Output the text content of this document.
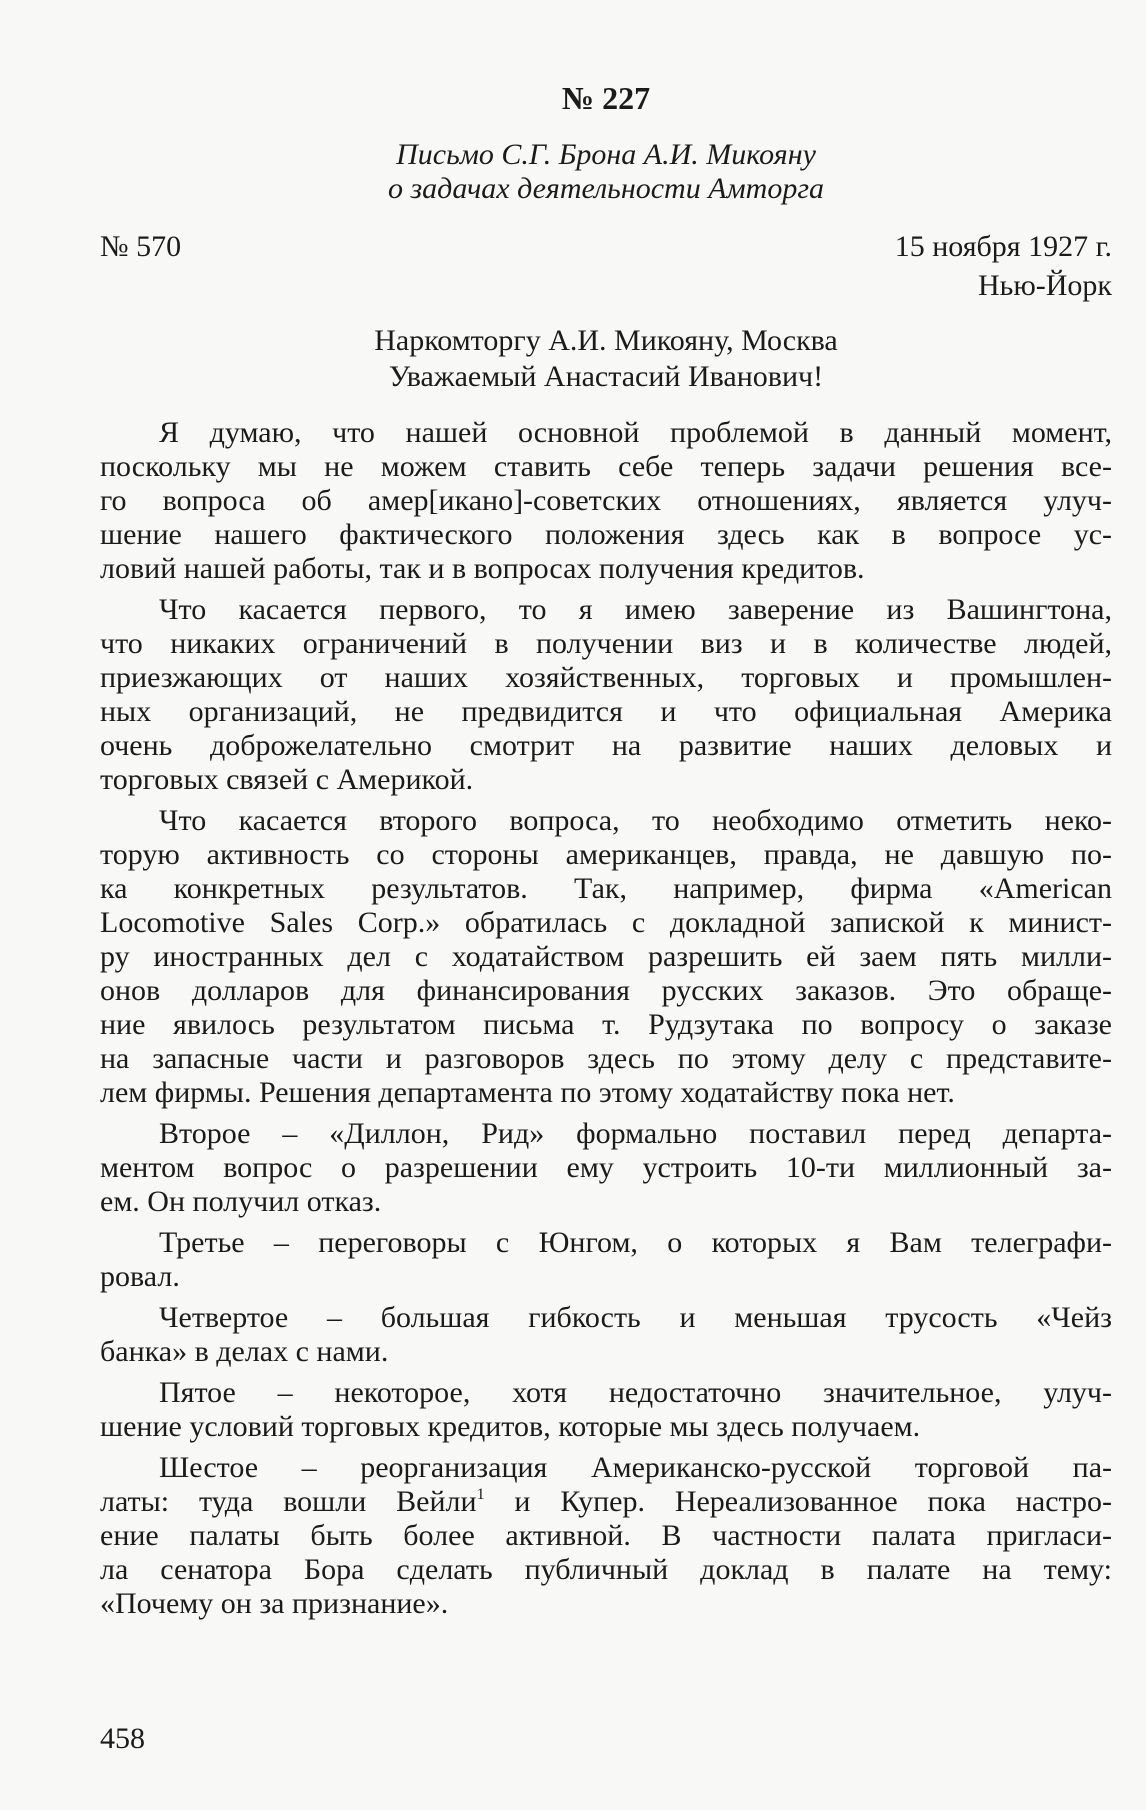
№ 227
Письмо С.Г. Брона А.И. Микояну
о задачах деятельности Амторга
№ 570	15 ноября 1927 г.
Нью-Йорк
Наркомторгу А.И. Микояну, Москва
Уважаемый Анастасий Иванович!
Я думаю, что нашей основной проблемой в данный момент,
поскольку мы не можем ставить себе теперь задачи решения все-
го вопроса об амер[икано]-советских отношениях, является улуч-
шение нашего фактического положения здесь как в вопросе ус-
ловий нашей работы, так и в вопросах получения кредитов.
Что касается первого, то я имею заверение из Вашингтона,
что никаких ограничений в получении виз и в количестве людей,
приезжающих от наших хозяйственных, торговых и промышлен-
ных организаций, не предвидится и что официальная Америка
очень доброжелательно смотрит на развитие наших деловых и
торговых связей с Америкой.
Что касается второго вопроса, то необходимо отметить неко-
торую активность со стороны американцев, правда, не давшую по-
ка конкретных результатов. Так, например, фирма «American
Locomotive Sales Corp.» обратилась с докладной запиской к минист-
ру иностранных дел с ходатайством разрешить ей заем пять милли-
онов долларов для финансирования русских заказов. Это обраще-
ние явилось результатом письма т. Рудзутака по вопросу о заказе
на запасные части и разговоров здесь по этому делу с представите-
лем фирмы. Решения департамента по этому ходатайству пока нет.
Второе – «Диллон, Рид» формально поставил перед департа-
ментом вопрос о разрешении ему устроить 10-ти миллионный за-
ем. Он получил отказ.
Третье – переговоры с Юнгом, о которых я Вам телеграфи-
ровал.
Четвертое – большая гибкость и меньшая трусость «Чейз
банка» в делах с нами.
Пятое – некоторое, хотя недостаточно значительное, улуч-
шение условий торговых кредитов, которые мы здесь получаем.
Шестое – реорганизация Американско-русской торговой па-
латы: туда вошли Вейли$^1$ и Купер. Нереализованное пока настро-
ение палаты быть более активной. В частности палата пригласи-
ла сенатора Бора сделать публичный доклад в палате на тему:
«Почему он за признание».
458
